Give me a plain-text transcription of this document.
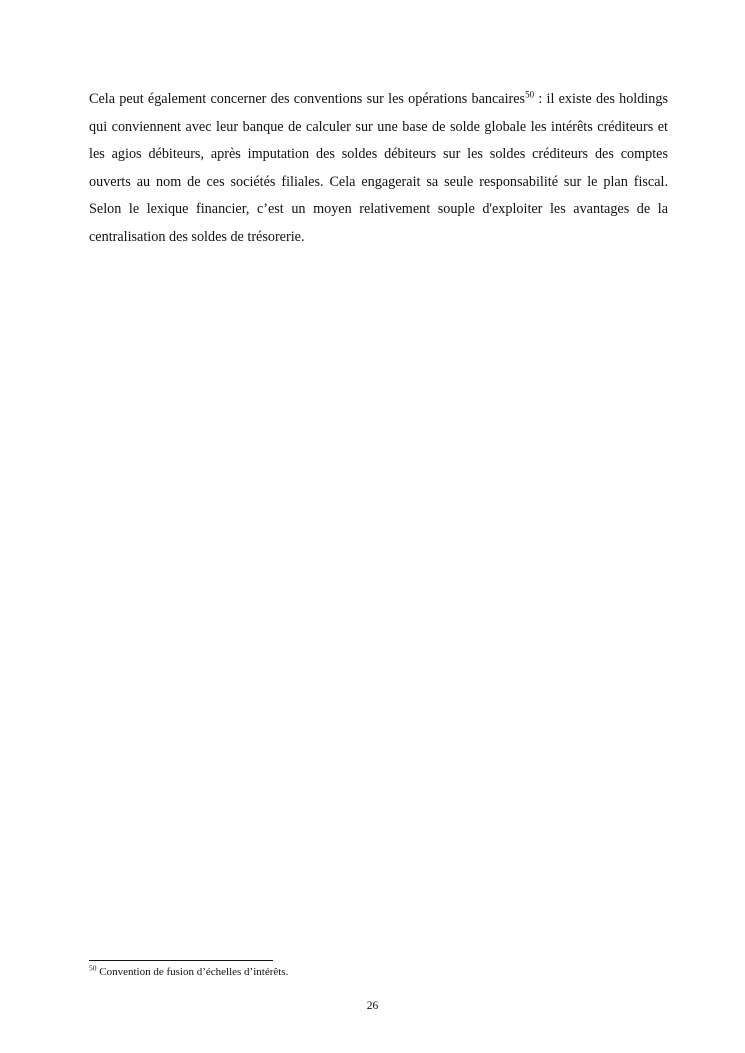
Cela peut également concerner des conventions sur les opérations bancaires$^{50}$ : il existe des holdings qui conviennent avec leur banque de calculer sur une base de solde globale les intérêts créditeurs et les agios débiteurs, après imputation des soldes débiteurs sur les soldes créditeurs des comptes ouverts au nom de ces sociétés filiales. Cela engagerait sa seule responsabilité sur le plan fiscal. Selon le lexique financier, c’est un moyen relativement souple d'exploiter les avantages de la centralisation des soldes de trésorerie.

$^{50}$ Convention de fusion d’échelles d’intérêts.

26
